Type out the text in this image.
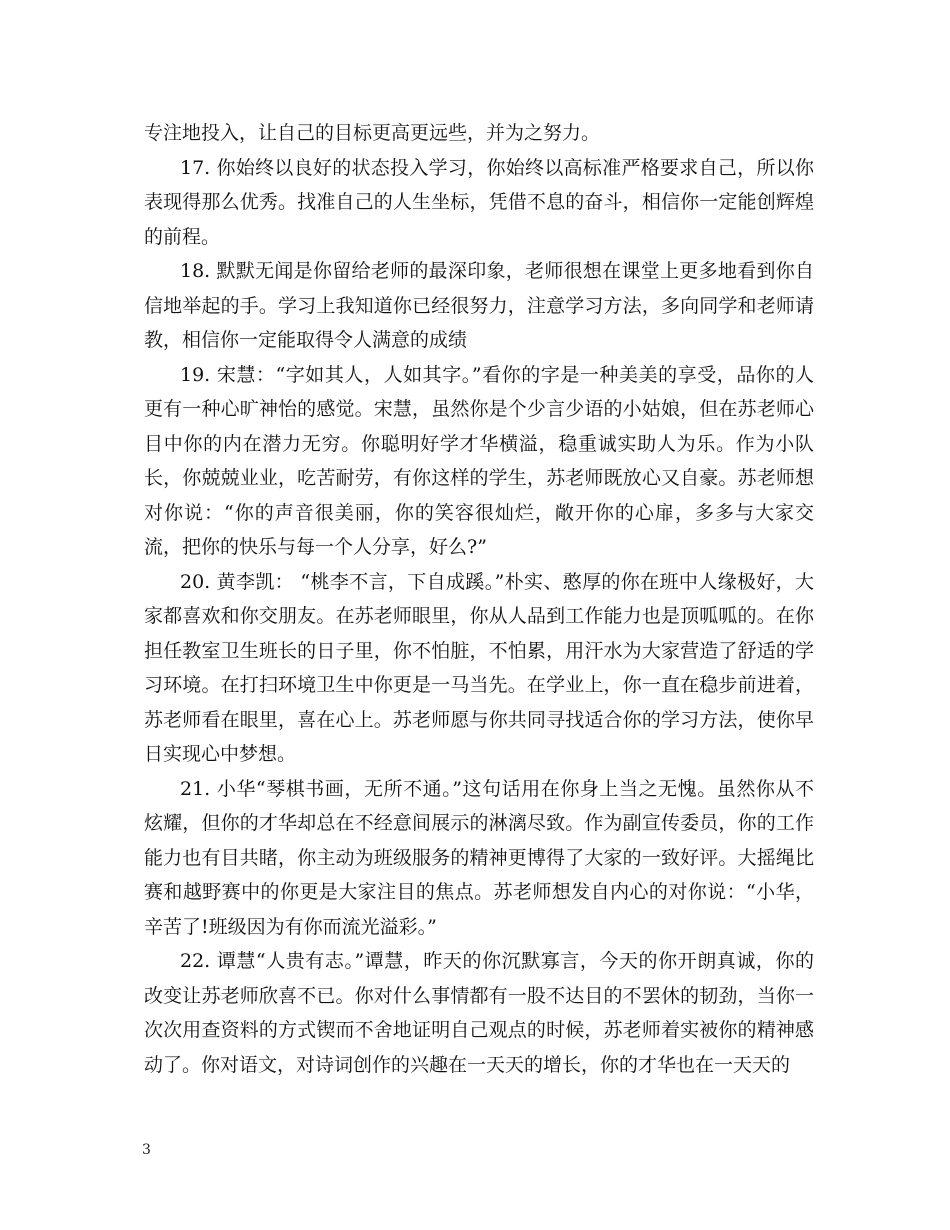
专注地投入，让自己的目标更高更远些，并为之努力。

17. 你始终以良好的状态投入学习，你始终以高标准严格要求自己，所以你表现得那么优秀。找准自己的人生坐标，凭借不息的奋斗，相信你一定能创辉煌的前程。

18. 默默无闻是你留给老师的最深印象，老师很想在课堂上更多地看到你自信地举起的手。学习上我知道你已经很努力，注意学习方法，多向同学和老师请教，相信你一定能取得令人满意的成绩

19. 宋慧：“字如其人，人如其字。”看你的字是一种美美的享受，品你的人更有一种心旷神怡的感觉。宋慧，虽然你是个少言少语的小姑娘，但在苏老师心目中你的内在潜力无穷。你聪明好学才华横溢，稳重诚实助人为乐。作为小队长，你兢兢业业，吃苦耐劳，有你这样的学生，苏老师既放心又自豪。苏老师想对你说：“你的声音很美丽，你的笑容很灿烂，敞开你的心扉，多多与大家交流，把你的快乐与每一个人分享，好么?”

20. 黄李凯： “桃李不言，下自成蹊。”朴实、憨厚的你在班中人缘极好，大家都喜欢和你交朋友。在苏老师眼里，你从人品到工作能力也是顶呱呱的。在你担任教室卫生班长的日子里，你不怕脏，不怕累，用汗水为大家营造了舒适的学习环境。在打扫环境卫生中你更是一马当先。在学业上，你一直在稳步前进着，苏老师看在眼里，喜在心上。苏老师愿与你共同寻找适合你的学习方法，使你早日实现心中梦想。

21. 小华“琴棋书画，无所不通。”这句话用在你身上当之无愧。虽然你从不炫耀，但你的才华却总在不经意间展示的淋漓尽致。作为副宣传委员，你的工作能力也有目共睹，你主动为班级服务的精神更博得了大家的一致好评。大摇绳比赛和越野赛中的你更是大家注目的焦点。苏老师想发自内心的对你说：“小华，辛苦了!班级因为有你而流光溢彩。”

22. 谭慧“人贵有志。”谭慧，昨天的你沉默寡言，今天的你开朗真诚，你的改变让苏老师欣喜不已。你对什么事情都有一股不达目的不罢休的韧劲，当你一次次用查资料的方式锲而不舍地证明自己观点的时候，苏老师着实被你的精神感动了。你对语文，对诗词创作的兴趣在一天天的增长，你的才华也在一天天的

3
